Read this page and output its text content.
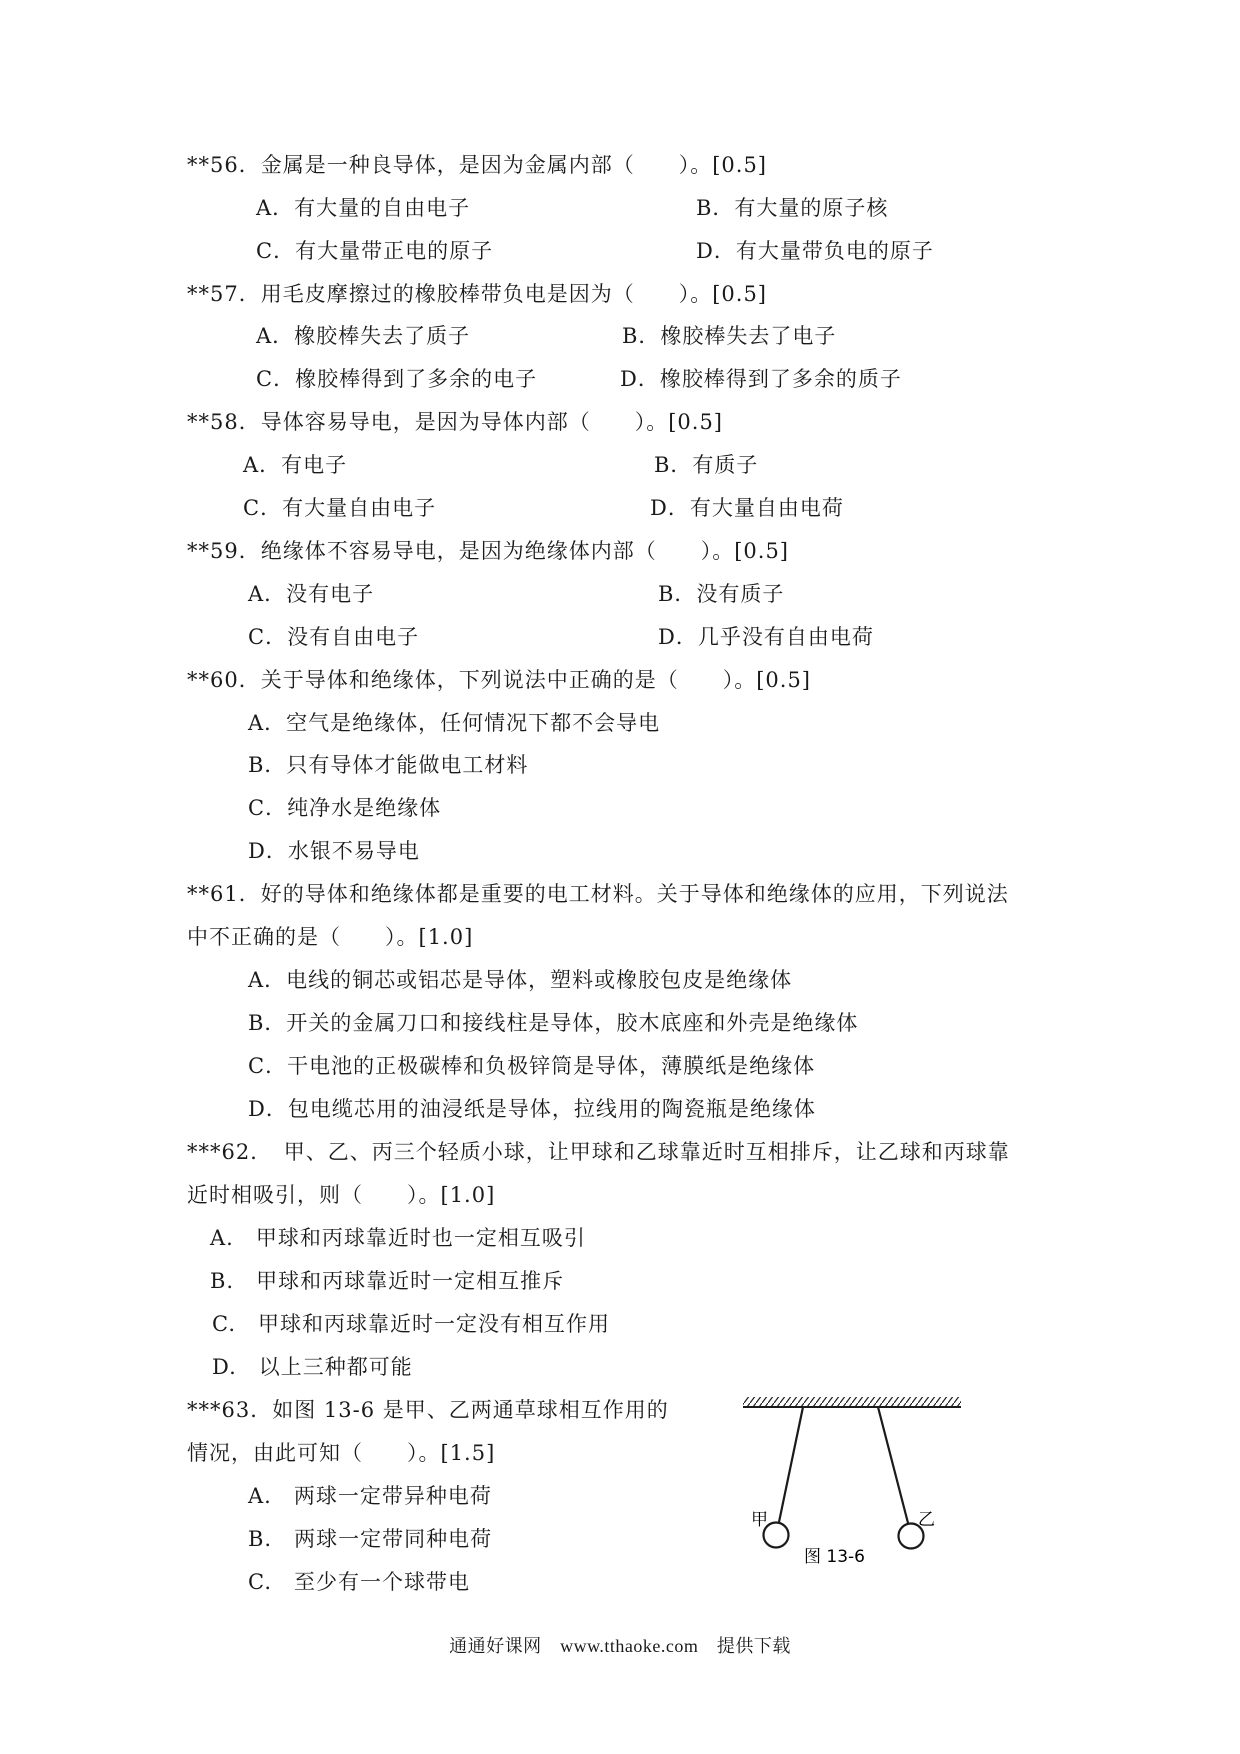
**56．金属是一种良导体，是因为金属内部（　　）。[0.5]
A．有大量的自由电子	B．有大量的原子核
C．有大量带正电的原子	D．有大量带负电的原子
**57．用毛皮摩擦过的橡胶棒带负电是因为（　　）。[0.5]
A．橡胶棒失去了质子	B．橡胶棒失去了电子
C．橡胶棒得到了多余的电子	D．橡胶棒得到了多余的质子
**58．导体容易导电，是因为导体内部（　　）。[0.5]
A．有电子	B．有质子
C．有大量自由电子	D．有大量自由电荷
**59．绝缘体不容易导电，是因为绝缘体内部（　　）。[0.5]
A．没有电子	B．没有质子
C．没有自由电子	D．几乎没有自由电荷
**60．关于导体和绝缘体，下列说法中正确的是（　　）。[0.5]
A．空气是绝缘体，任何情况下都不会导电
B．只有导体才能做电工材料
C．纯净水是绝缘体
D．水银不易导电
**61．好的导体和绝缘体都是重要的电工材料。关于导体和绝缘体的应用，下列说法
中不正确的是（　　）。[1.0]
A．电线的铜芯或铝芯是导体，塑料或橡胶包皮是绝缘体
B．开关的金属刀口和接线柱是导体，胶木底座和外壳是绝缘体
C．干电池的正极碳棒和负极锌筒是导体，薄膜纸是绝缘体
D．包电缆芯用的油浸纸是导体，拉线用的陶瓷瓶是绝缘体
***62．　甲、乙、丙三个轻质小球，让甲球和乙球靠近时互相排斥，让乙球和丙球靠
近时相吸引，则（　　）。[1.0]
A.　甲球和丙球靠近时也一定相互吸引
B.　甲球和丙球靠近时一定相互推斥
C.　甲球和丙球靠近时一定没有相互作用
D.　以上三种都可能
***63．如图 13-6 是甲、乙两通草球相互作用的
情况，由此可知（　　）。[1.5]
A.　两球一定带异种电荷
B.　两球一定带同种电荷
C.　至少有一个球带电
甲	乙
图 13-6
通通好课网　www.tthaoke.com　提供下载
